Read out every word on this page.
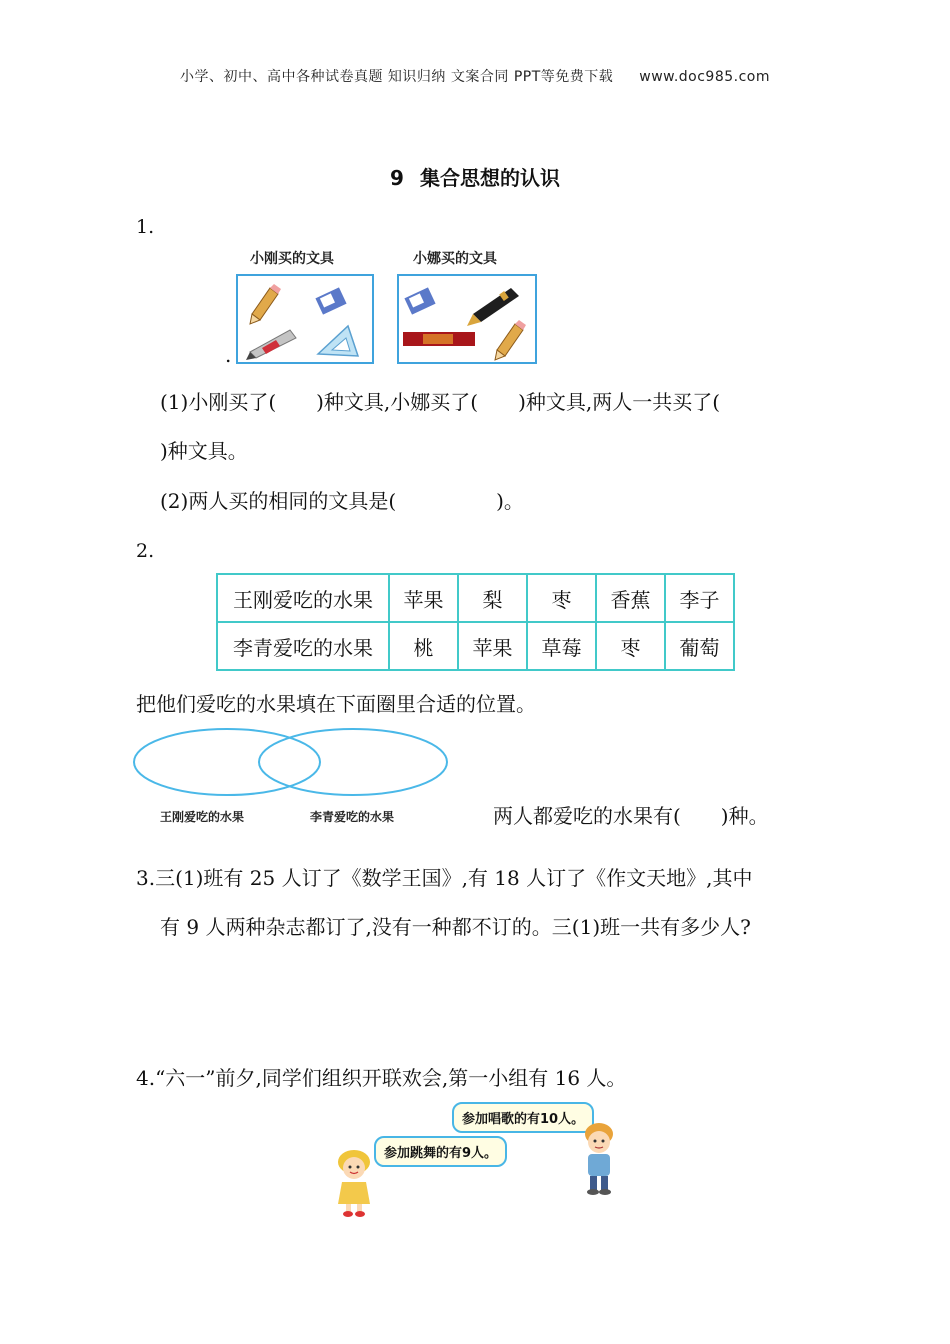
小学、初中、高中各种试卷真题 知识归纳 文案合同 PPT等免费下载 www.doc985.com
9 集合思想的认识
1.
小刚买的文具	小娜买的文具
.
(1)小刚买了(　　)种文具,小娜买了(　　)种文具,两人一共买了(
)种文具。
(2)两人买的相同的文具是(　　　　　)。
2.
王刚爱吃的水果	苹果	梨	枣	香蕉	李子
李青爱吃的水果	桃	苹果	草莓	枣	葡萄
把他们爱吃的水果填在下面圈里合适的位置。
王刚爱吃的水果	李青爱吃的水果	两人都爱吃的水果有(　　)种。
3.三(1)班有 25 人订了《数学王国》,有 18 人订了《作文天地》,其中
有 9 人两种杂志都订了,没有一种都不订的。三(1)班一共有多少人?
4.“六一”前夕,同学们组织开联欢会,第一小组有 16 人。
参加唱歌的有10人。
参加跳舞的有9人。
